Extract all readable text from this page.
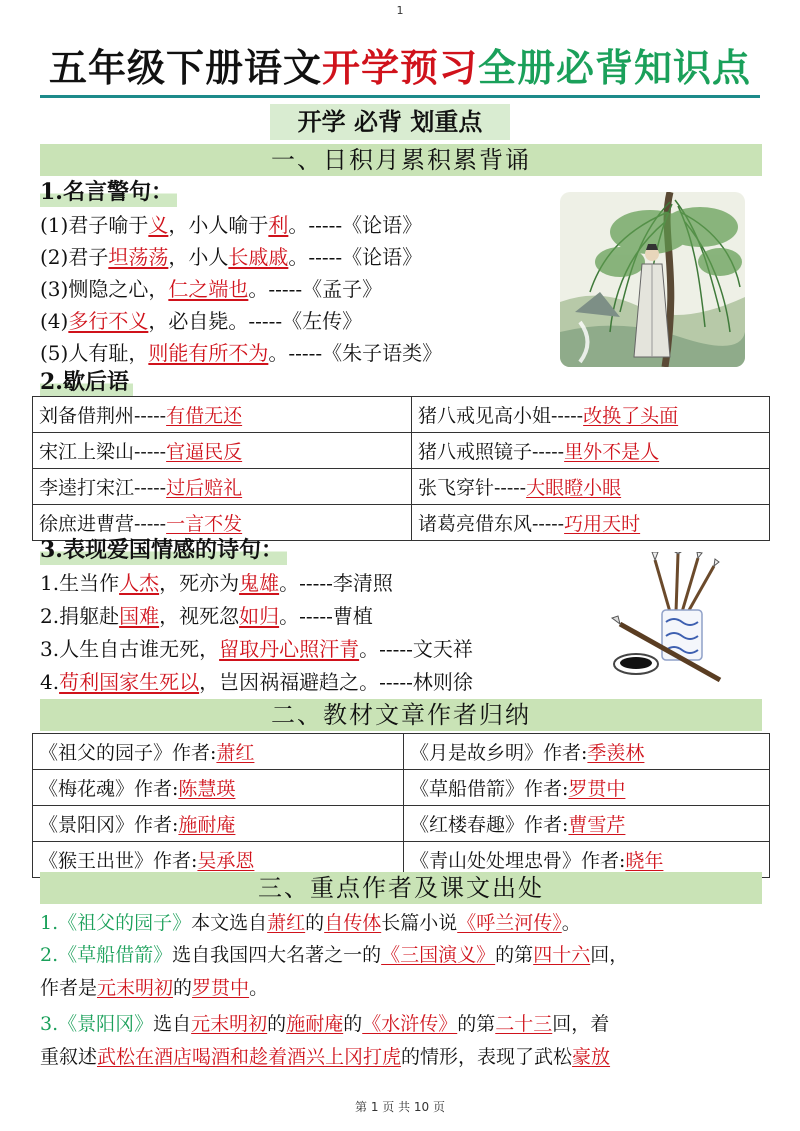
1
五年级下册语文开学预习全册必背知识点
开学 必背 划重点
一、日积月累积累背诵
1.名言警句：
(1)君子喻于义，小人喻于利。-----《论语》
(2)君子坦荡荡，小人长戚戚。-----《论语》
(3)恻隐之心，仁之端也。-----《孟子》
(4)多行不义，必自毙。-----《左传》
(5)人有耻，则能有所不为。-----《朱子语类》
2.歇后语
刘备借荆州-----有借无还	猪八戒见高小姐-----改换了头面
宋江上梁山-----官逼民反	猪八戒照镜子-----里外不是人
李逵打宋江-----过后赔礼	张飞穿针-----大眼瞪小眼
徐庶进曹营-----一言不发	诸葛亮借东风-----巧用天时
3.表现爱国情感的诗句：
1.生当作人杰，死亦为鬼雄。-----李清照
2.捐躯赴国难，视死忽如归。-----曹植
3.人生自古谁无死，留取丹心照汗青。-----文天祥
4.苟利国家生死以，岂因祸福避趋之。-----林则徐
二、教材文章作者归纳
《祖父的园子》作者:萧红	《月是故乡明》作者:季羡林
《梅花魂》作者:陈慧瑛	《草船借箭》作者:罗贯中
《景阳冈》作者:施耐庵	《红楼春趣》作者:曹雪芹
《猴王出世》作者:吴承恩	《青山处处埋忠骨》作者:晓年
三、重点作者及课文出处
1.《祖父的园子》本文选自萧红的自传体长篇小说《呼兰河传》。
2.《草船借箭》选自我国四大名著之一的《三国演义》的第四十六回，
作者是元末明初的罗贯中。
3.《景阳冈》选自元末明初的施耐庵的《水浒传》的第二十三回，着
重叙述武松在酒店喝酒和趁着酒兴上冈打虎的情形，表现了武松豪放
第 1 页 共 10 页
